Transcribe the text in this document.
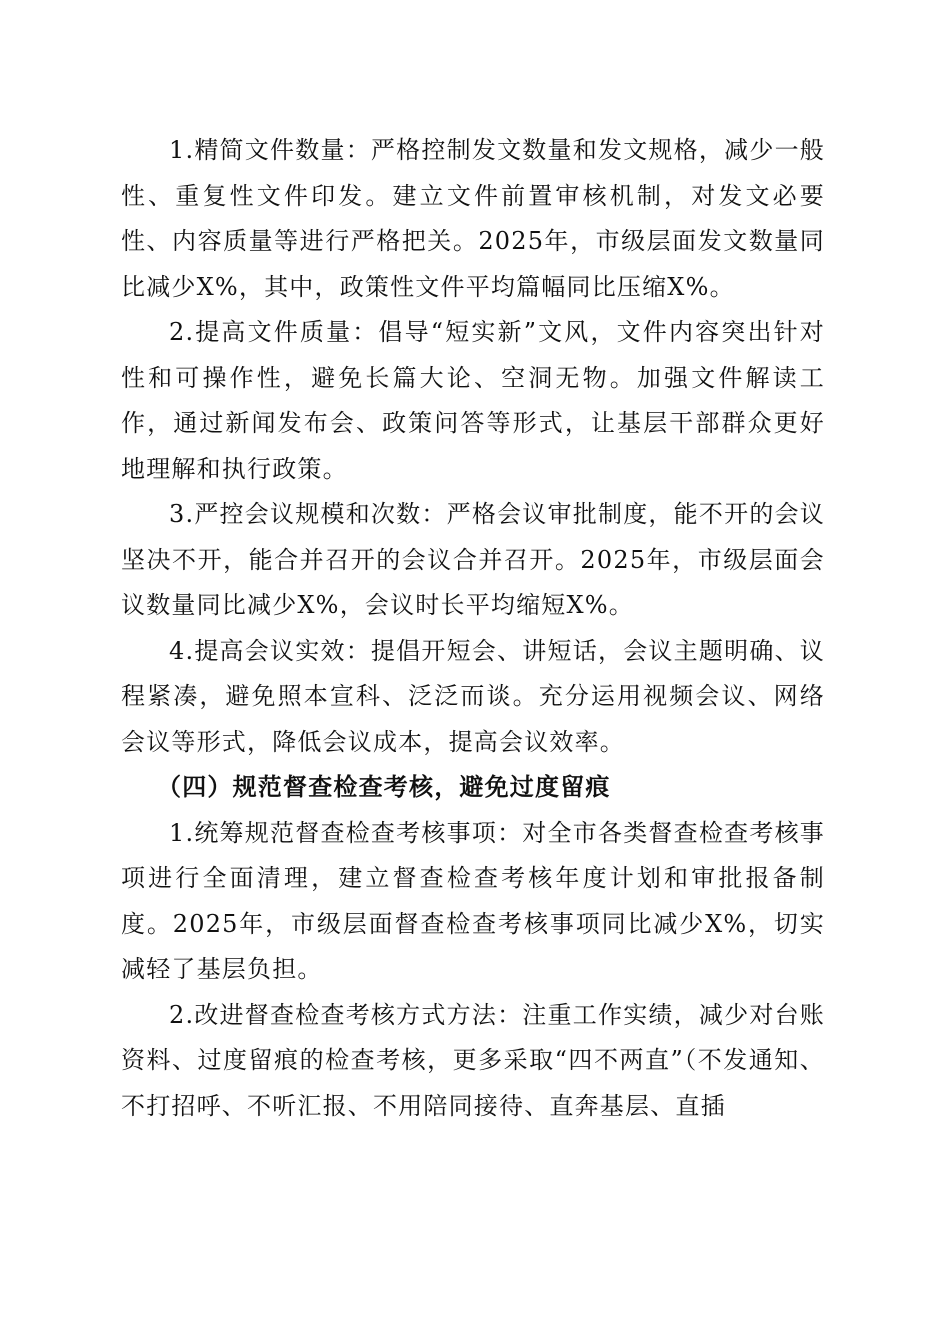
1.精简文件数量：严格控制发文数量和发文规格，减少一般性、重复性文件印发。建立文件前置审核机制，对发文必要性、内容质量等进行严格把关。2025年，市级层面发文数量同比减少X%，其中，政策性文件平均篇幅同比压缩X%。

2.提高文件质量：倡导“短实新”文风，文件内容突出针对性和可操作性，避免长篇大论、空洞无物。加强文件解读工作，通过新闻发布会、政策问答等形式，让基层干部群众更好地理解和执行政策。

3.严控会议规模和次数：严格会议审批制度，能不开的会议坚决不开，能合并召开的会议合并召开。2025年，市级层面会议数量同比减少X%，会议时长平均缩短X%。

4.提高会议实效：提倡开短会、讲短话，会议主题明确、议程紧凑，避免照本宣科、泛泛而谈。充分运用视频会议、网络会议等形式，降低会议成本，提高会议效率。

（四）规范督查检查考核，避免过度留痕

1.统筹规范督查检查考核事项：对全市各类督查检查考核事项进行全面清理，建立督查检查考核年度计划和审批报备制度。2025年，市级层面督查检查考核事项同比减少X%，切实减轻了基层负担。

2.改进督查检查考核方式方法：注重工作实绩，减少对台账资料、过度留痕的检查考核，更多采取“四不两直”（不发通知、不打招呼、不听汇报、不用陪同接待、直奔基层、直插
